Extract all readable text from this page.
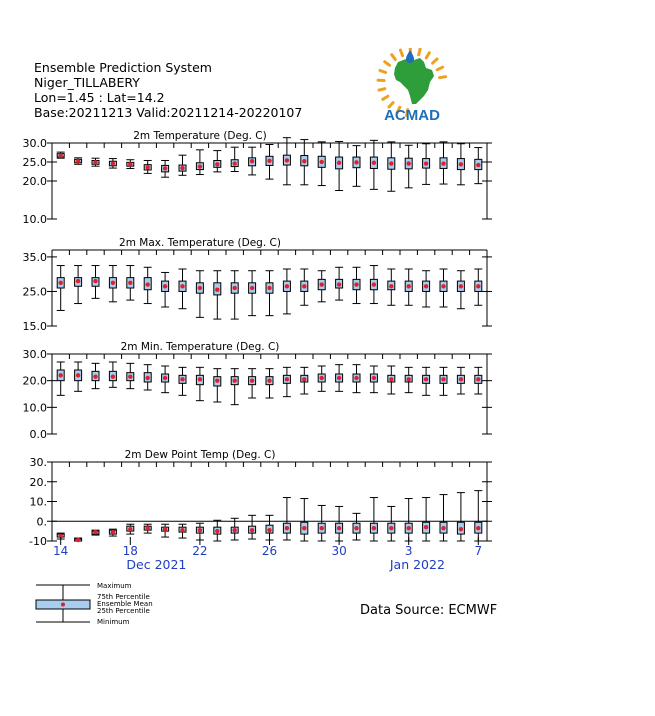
Ensemble Prediction System
Niger_TILLABERY
Lon=1.45 : Lat=14.2
Base:20211213 Valid:20211214-20220107	ACMAD
30.0
25.0
20.0
10.0
2m Temperature (Deg. C)
35.0
25.0
15.0
2m Max. Temperature (Deg. C)
30.0
20.0
10.0
0.0
2m Min. Temperature (Deg. C)
30.
20.
10.
0.
-10
2m Dew Point Temp (Deg. C)
14	18	22	26	30	3	7
Dec 2021	Jan 2022
Maximum
75th Percentile
Ensemble Mean
25th Percentile
Minimum
Data Source: ECMWF
